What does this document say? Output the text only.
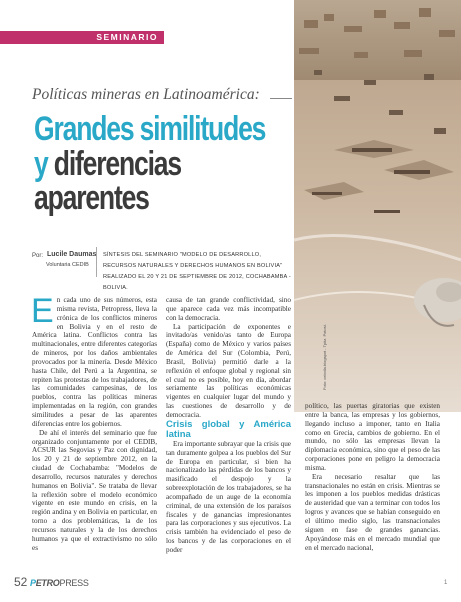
SEMINARIO
Foto: cebolla.blogspot - Tpitz. Potosí.
Políticas mineras en Latinoamérica:
Grandes similitudes
y diferencias
aparentes
Por: Lucile Daumas
Voluntaria CEDIB
SÍNTESIS DEL SEMINARIO "MODELO DE DESARROLLO, RECURSOS NATURALES Y DERECHOS HUMANOS EN BOLIVIA" REALIZADO EL 20 Y 21 DE SEPTIEMBRE DE 2012, COCHABAMBA - BOLIVIA.

En cada uno de sus números, esta misma revista, Petropress, lleva la crónica de los conflictos mineros en Bolivia y en el resto de América latina. Conflictos contra las multinacionales, entre diferentes categorías de mineros, por los daños ambientales provocados por la minería. Desde México hasta Chile, del Perú a la Argentina, se repiten las protestas de los trabajadores, de las comunidades campesinas, de los pueblos, contra las políticas mineras implementadas en la región, con grandes similitudes a pesar de las aparentes diferencias entre los gobiernos.

De ahí el interés del seminario que fue organizado conjuntamente por el CEDIB, ACSUR las Segovias y Paz con dignidad, los 20 y 21 de septiembre 2012, en la ciudad de Cochabamba: "Modelos de desarrollo, recursos naturales y derechos humanos en Bolivia". Se trataba de llevar la reflexión sobre el modelo económico vigente en este mundo en crisis, en la región andina y en Bolivia en particular, en torno a dos problemáticas, la de los recursos naturales y la de los derechos humanos ya que el extractivismo no sólo es

causa de tan grande conflictividad, sino que aparece cada vez más incompatible con la democracia.

La participación de exponentes e invitado/as venido/as tanto de Europa (España) como de México y varios países de América del Sur (Colombia, Perú, Brasil, Bolivia) permitió darle a la reflexión el enfoque global y regional sin el cual no es posible, hoy en día, abordar seriamente las políticas económicas vigentes en cualquier lugar del mundo y las cuestiones de desarrollo y de democracia.

Crisis global y América latina

Era importante subrayar que la crisis que tan duramente golpea a los pueblos del Sur de Europa en particular, si bien ha nacionalizado las pérdidas de los bancos y masificado el despojo y la sobreexplotación de los trabajadores, se ha acompañado de un auge de la economía criminal, de una extensión de los paraísos fiscales y de ganancias impresionantes para las corporaciones y sus ejecutivos. La crisis también ha evidenciado el peso de los bancos y de las corporaciones en el poder

político, las puertas giratorias que existen entre la banca, las empresas y los gobiernos, llegando incluso a imponer, tanto en Italia como en Grecia, cambios de gobierno. En el mundo, no sólo las empresas llevan la diplomacia económica, sino que el peso de las corporaciones pone en peligro la democracia misma.

Era necesario resaltar que las transnacionales no están en crisis. Mientras se les imponen a los pueblos medidas drásticas de austeridad que van a terminar con todos los logros y avances que se habían conseguido en el último medio siglo, las transnacionales siguen en fase de grandes ganancias. Apoyándose más en el mercado mundial que en el mercado nacional,

52 PETROPRESS	1
